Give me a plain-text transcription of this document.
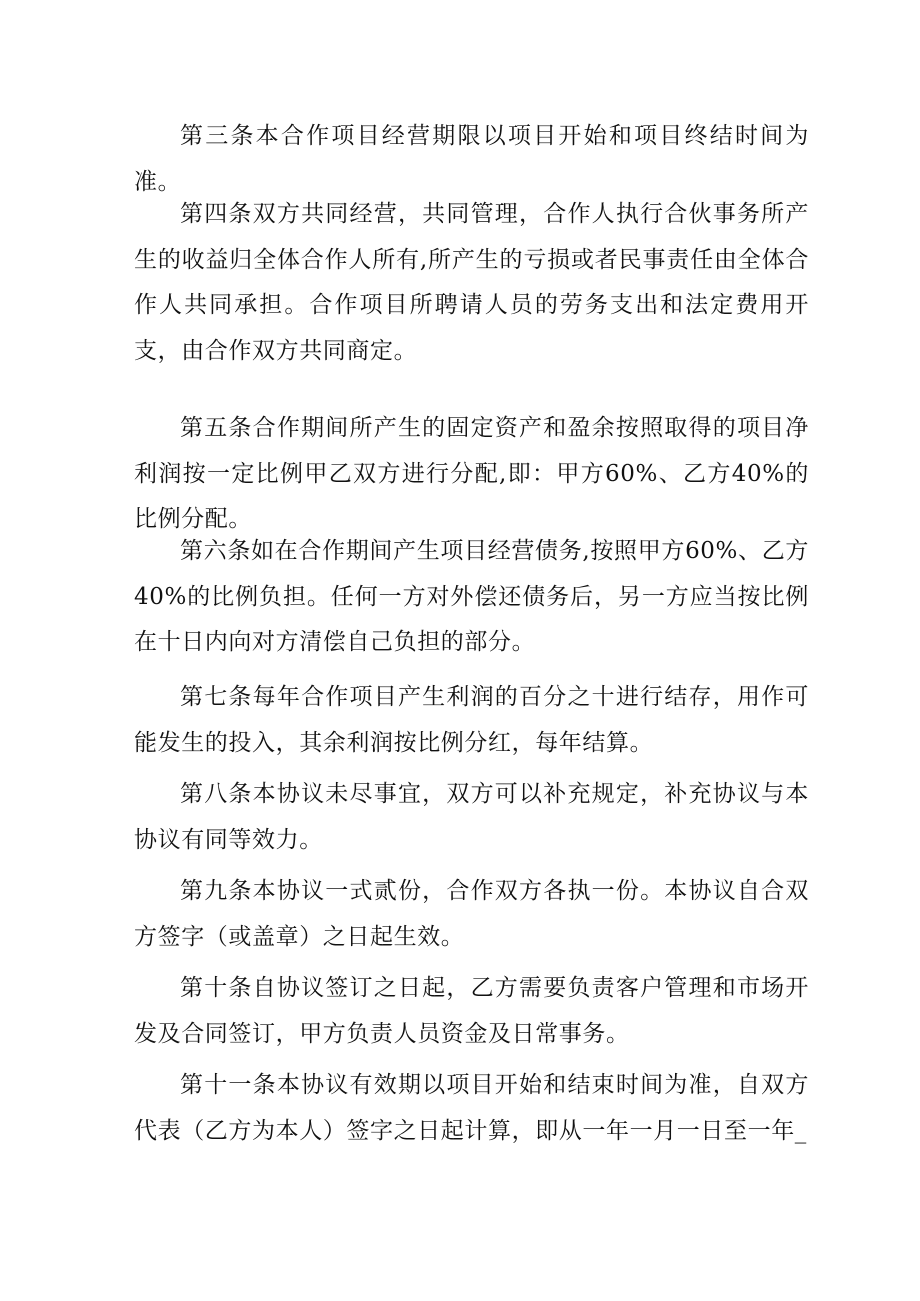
第三条本合作项目经营期限以项目开始和项目终结时间为准。

第四条双方共同经营，共同管理，合作人执行合伙事务所产生的收益归全体合作人所有,所产生的亏损或者民事责任由全体合作人共同承担。合作项目所聘请人员的劳务支出和法定费用开支，由合作双方共同商定。

第五条合作期间所产生的固定资产和盈余按照取得的项目净利润按一定比例甲乙双方进行分配,即：甲方60%、乙方40%的比例分配。

第六条如在合作期间产生项目经营债务,按照甲方60%、乙方40%的比例负担。任何一方对外偿还债务后，另一方应当按比例在十日内向对方清偿自己负担的部分。

第七条每年合作项目产生利润的百分之十进行结存，用作可能发生的投入，其余利润按比例分红，每年结算。

第八条本协议未尽事宜，双方可以补充规定，补充协议与本协议有同等效力。

第九条本协议一式贰份，合作双方各执一份。本协议自合双方签字（或盖章）之日起生效。

第十条自协议签订之日起，乙方需要负责客户管理和市场开发及合同签订，甲方负责人员资金及日常事务。

第十一条本协议有效期以项目开始和结束时间为准，自双方代表（乙方为本人）签字之日起计算，即从一年一月一日至一年_
